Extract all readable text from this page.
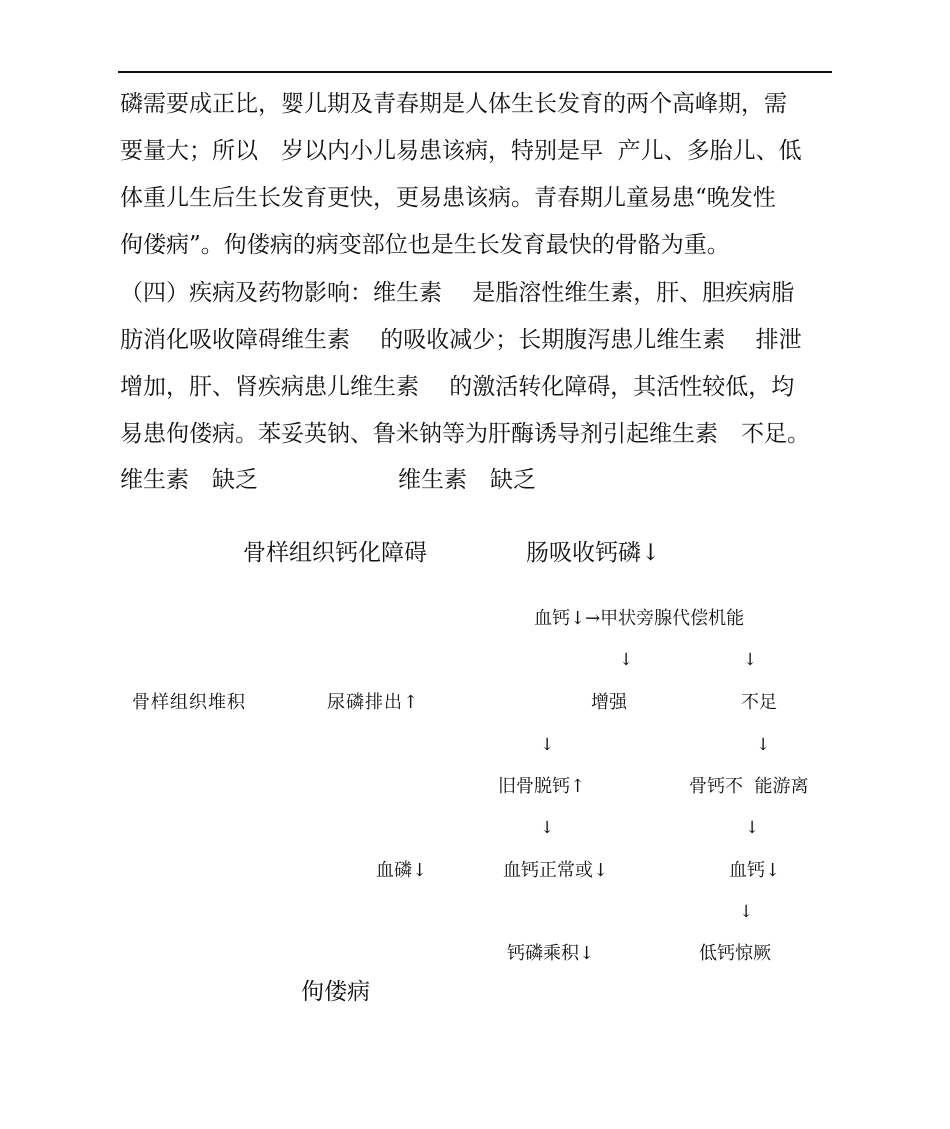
磷需要成正比，婴儿期及青春期是人体生长发育的两个高峰期，需

要量大；所以　岁以内小儿易患该病，特别是早  产儿、多胎儿、低

体重儿生后生长发育更快，更易患该病。青春期儿童易患“晚发性

佝偻病”。佝偻病的病变部位也是生长发育最快的骨骼为重。

（四）疾病及药物影响：维生素　 是脂溶性维生素，肝、胆疾病脂

肪消化吸收障碍维生素　 的吸收减少；长期腹泻患儿维生素　 排泄

增加，肝、肾疾病患儿维生素　 的激活转化障碍，其活性较低，均

易患佝偻病。苯妥英钠、鲁米钠等为肝酶诱导剂引起维生素　不足。

维生素　缺乏	维生素　缺乏
骨样组织钙化障碍	肠吸收钙磷↓
血钙↓→甲状旁腺代偿机能
↓	↓
骨样组织堆积	尿磷排出↑	增强	不足
↓	↓
旧骨脱钙↑	骨钙不  能游离
↓	↓
血磷↓	血钙正常或↓	血钙↓
↓
钙磷乘积↓	低钙惊厥
佝偻病
